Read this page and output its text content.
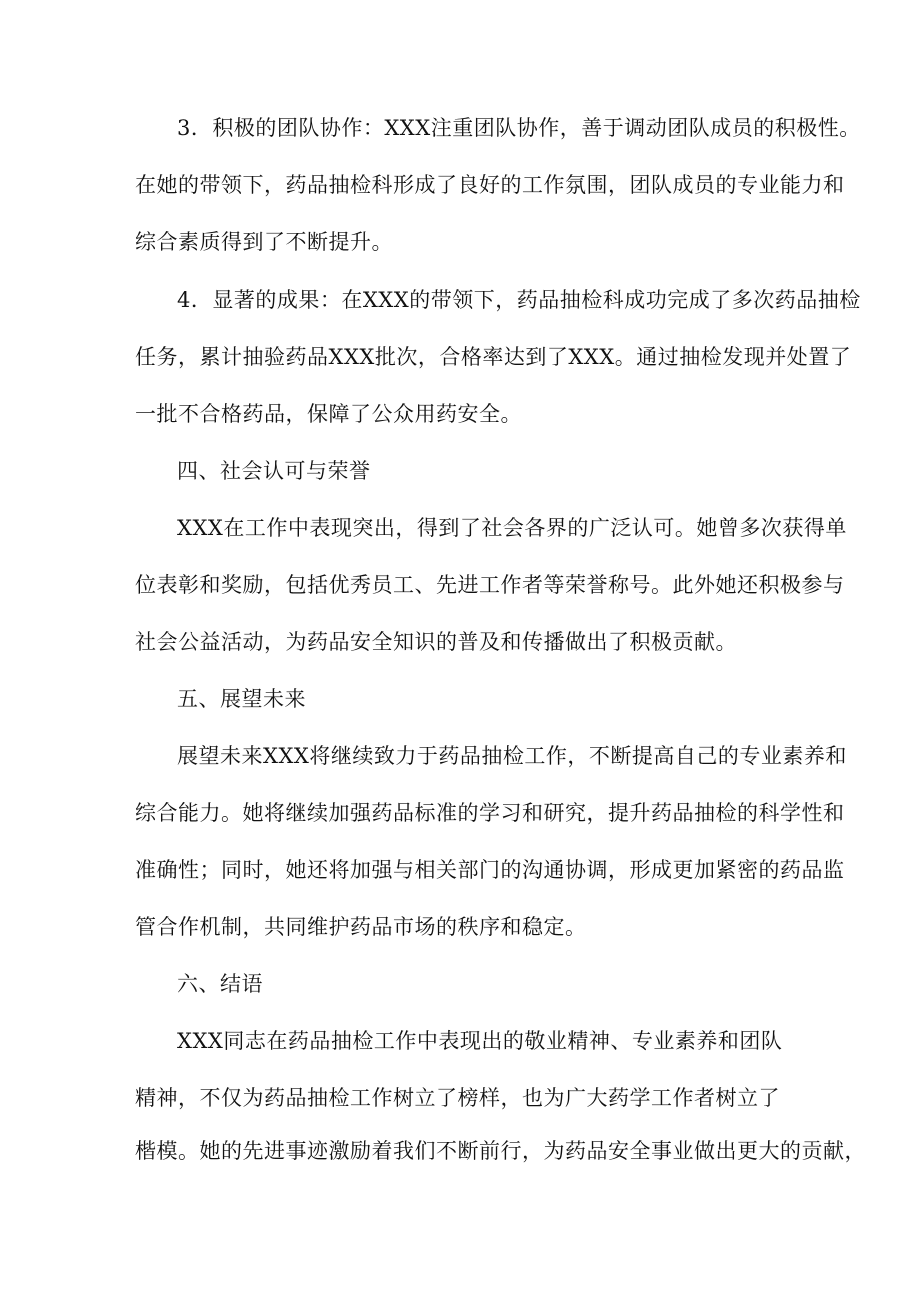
3．积极的团队协作：XXX注重团队协作，善于调动团队成员的积极性。

在她的带领下，药品抽检科形成了良好的工作氛围，团队成员的专业能力和

综合素质得到了不断提升。

4．显著的成果：在XXX的带领下，药品抽检科成功完成了多次药品抽检

任务，累计抽验药品XXX批次，合格率达到了XXX。通过抽检发现并处置了

一批不合格药品，保障了公众用药安全。

四、社会认可与荣誉

XXX在工作中表现突出，得到了社会各界的广泛认可。她曾多次获得单

位表彰和奖励，包括优秀员工、先进工作者等荣誉称号。此外她还积极参与

社会公益活动，为药品安全知识的普及和传播做出了积极贡献。

五、展望未来

展望未来XXX将继续致力于药品抽检工作，不断提高自己的专业素养和

综合能力。她将继续加强药品标准的学习和研究，提升药品抽检的科学性和

准确性；同时，她还将加强与相关部门的沟通协调，形成更加紧密的药品监

管合作机制，共同维护药品市场的秩序和稳定。

六、结语

XXX同志在药品抽检工作中表现出的敬业精神、专业素养和团队

精神，不仅为药品抽检工作树立了榜样，也为广大药学工作者树立了

楷模。她的先进事迹激励着我们不断前行，为药品安全事业做出更大的贡献，
